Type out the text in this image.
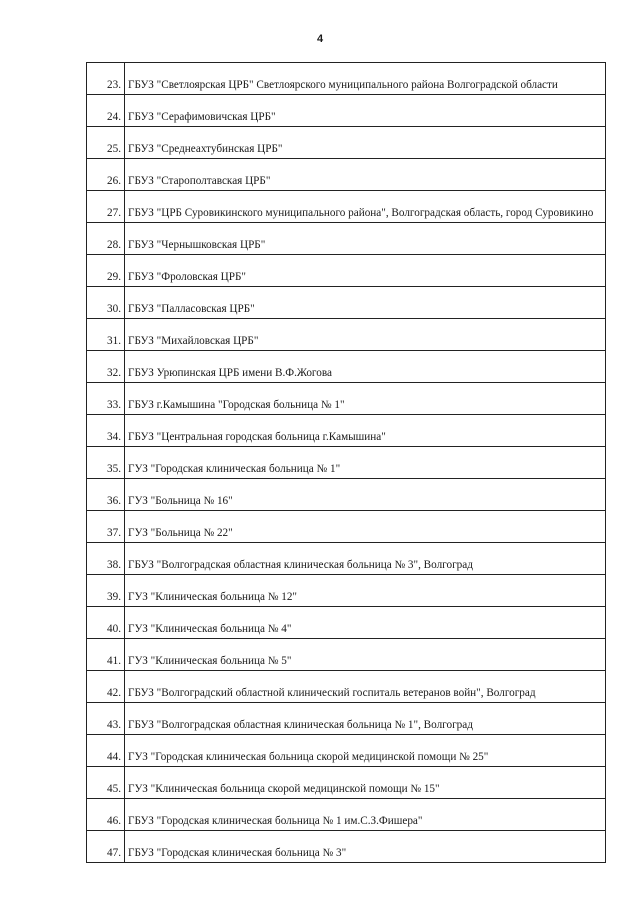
4
23.	ГБУЗ "Светлоярская ЦРБ" Светлоярского муниципального района Волгоградской области

24.	ГБУЗ "Серафимовичская ЦРБ"

25.	ГБУЗ "Среднеахтубинская ЦРБ"

26.	ГБУЗ "Старополтавская ЦРБ"

27.	ГБУЗ "ЦРБ Суровикинского муниципального района", Волгоградская область, город Суровикино

28.	ГБУЗ "Чернышковская ЦРБ"

29.	ГБУЗ "Фроловская ЦРБ"

30.	ГБУЗ "Палласовская ЦРБ"

31.	ГБУЗ "Михайловская ЦРБ"

32.	ГБУЗ Урюпинская ЦРБ имени В.Ф.Жогова

33.	ГБУЗ г.Камышина "Городская больница № 1"

34.	ГБУЗ "Центральная городская больница г.Камышина"

35.	ГУЗ "Городская клиническая больница № 1"

36.	ГУЗ "Больница № 16"

37.	ГУЗ "Больница № 22"

38.	ГБУЗ "Волгоградская областная клиническая больница № 3", Волгоград

39.	ГУЗ "Клиническая больница № 12"

40.	ГУЗ "Клиническая больница № 4"

41.	ГУЗ "Клиническая больница № 5"

42.	ГБУЗ "Волгоградский областной клинический госпиталь ветеранов войн", Волгоград

43.	ГБУЗ "Волгоградская областная клиническая больница № 1", Волгоград

44.	ГУЗ "Городская клиническая больница скорой медицинской помощи № 25"

45.	ГУЗ "Клиническая больница скорой медицинской помощи № 15"

46.	ГБУЗ "Городская клиническая больница № 1 им.С.З.Фишера"

47.	ГБУЗ "Городская клиническая больница № 3"
